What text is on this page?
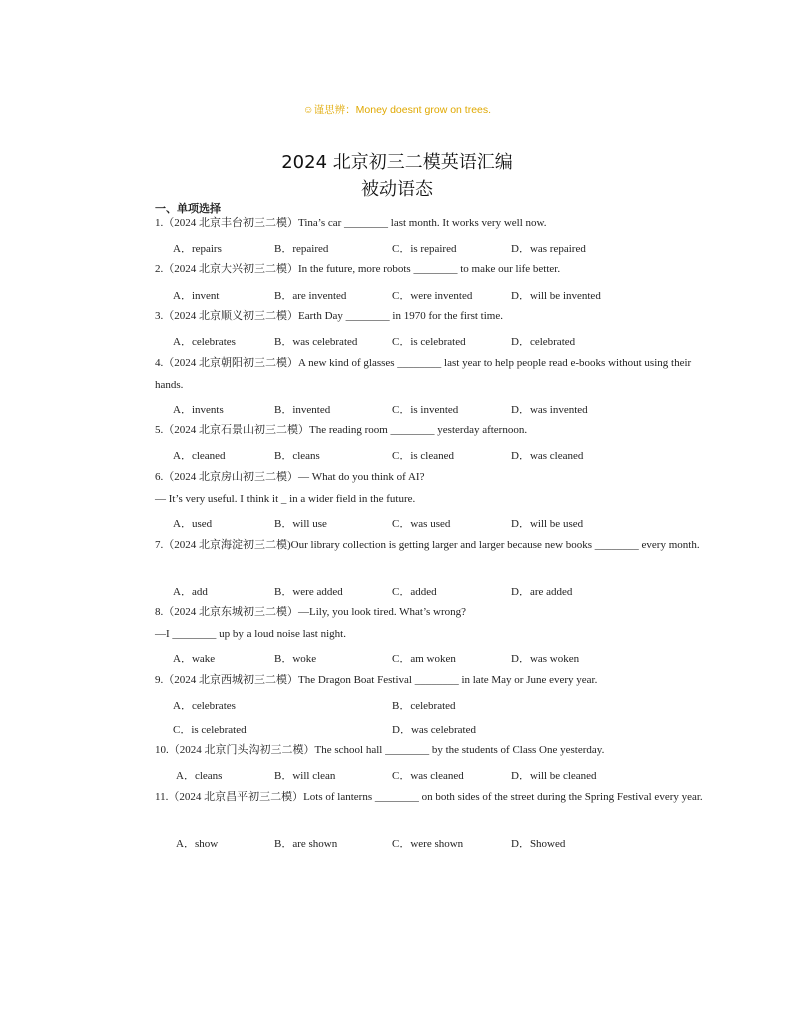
☺谨思辨：Money doesnt grow on trees.
2024 北京初三二模英语汇编
被动语态
一、单项选择
1.（2024 北京丰台初三二模）Tina’s car ________ last month. It works very well now.
A．repairs	B．repaired	C．is repaired	D．was repaired
2.（2024 北京大兴初三二模）In the future, more robots ________ to make our life better.
A．invent	B．are invented	C．were invented	D．will be invented
3.（2024 北京顺义初三二模）Earth Day ________ in 1970 for the first time.
A．celebrates	B．was celebrated	C．is celebrated	D．celebrated
4.（2024 北京朝阳初三二模）A new kind of glasses ________ last year to help people read e-books without using their hands.
A．invents	B．invented	C．is invented	D．was invented
5.（2024 北京石景山初三二模）The reading room ________ yesterday afternoon.
A．cleaned	B．cleans	C．is cleaned	D．was cleaned
6.（2024 北京房山初三二模）— What do you think of AI?
— It’s very useful. I think it _ in a wider field in the future.
A．used	B．will use	C．was used	D．will be used
7.（2024 北京海淀初三二模)Our library collection is getting larger and larger because new books ________ every month.
A．add	B．were added	C．added	D．are added
8.（2024 北京东城初三二模）—Lily, you look tired. What’s wrong?
—I ________ up by a loud noise last night.
A．wake	B．woke	C．am woken	D．was woken
9.（2024 北京西城初三二模）The Dragon Boat Festival ________ in late May or June every year.
A．celebrates	B．celebrated
C．is celebrated	D．was celebrated
10.（2024 北京门头沟初三二模）The school hall ________ by the students of Class One yesterday.
A．cleans	B．will clean	C．was cleaned	D．will be cleaned
11.（2024 北京昌平初三二模）Lots of lanterns ________ on both sides of the street during the Spring Festival every year.
A．show	B．are shown	C．were shown	D．Showed
